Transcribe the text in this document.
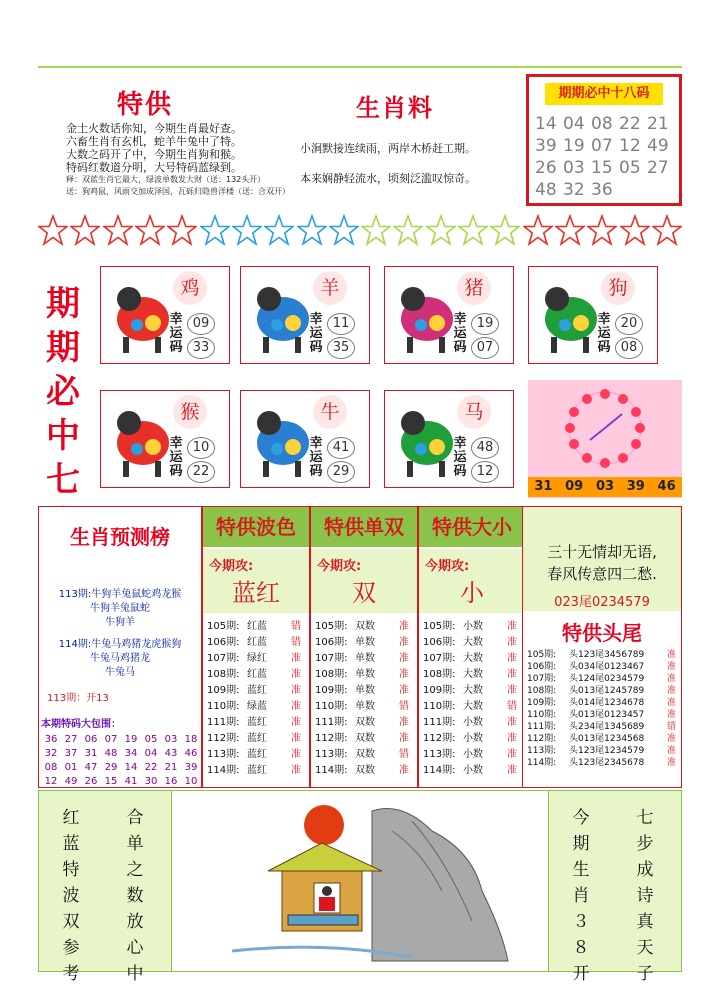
特供
金土火数话你知，今期生肖最好查。
六畜生肖有玄机，蛇羊牛兔中了特。
大数之码开了中，今期生肖狗和猴。
特码红数道分明，大号特码蓝绿到。
释：双蓝生肖它最大，绿波单数发大财（送：132头开）
送：狗鸡鼠，风雨交加成泽国，瓦砾归隐兽洋楼（送：合双开）
生肖料
小涧默接连续雨，两岸木桥赶工期。
本来娴静轻流水，顷刻泛滥叹惊奇。
期期必中十八码
14 04 08 22 21
39 19 07 12 49
26 03 15 05 27
48 32 36
期
期
必
中
七
鸡
幸
运
码
09
33
羊
幸
运
码
11
35
猪
幸
运
码
19
07
狗
幸
运
码
20
08
猴
幸
运
码
10
22
牛
幸
运
码
41
29
马
幸
运
码
48
12
31 09 03 39 46
生肖预测榜
113期:牛狗羊兔鼠蛇鸡龙猴
牛狗羊兔鼠蛇
牛狗羊
114期:牛兔马鸡猪龙虎猴狗
牛兔马鸡猪龙
牛兔马
113期：开13
本期特码大包围：
36 27 06 07 19 05 03 18
32 37 31 48 34 04 43 46
08 01 47 29 14 22 21 39
12 49 26 15 41 30 16 10
特供波色
今期攻:
蓝红
105期: 红蓝 错
106期: 红蓝 错
107期: 绿红 准
108期: 红蓝 准
109期: 蓝红 准
110期: 绿蓝 准
111期: 蓝红 准
112期: 蓝红 准
113期: 蓝红 准
114期: 蓝红 准
特供单双
今期攻:
双
105期: 双数 准
106期: 单数 准
107期: 单数 准
108期: 单数 准
109期: 单数 准
110期: 单数 错
111期: 双数 准
112期: 双数 准
113期: 双数 错
114期: 双数 准
特供大小
今期攻:
小
105期: 小数 准
106期: 大数 准
107期: 大数 准
108期: 大数 准
109期: 大数 准
110期: 大数 错
111期: 小数 准
112期: 小数 准
113期: 小数 准
114期: 小数 准
三十无情却无语,
春风传意四二愁.
023尾0234579
特供头尾
105期: 头123尾3456789	准
106期: 头034尾0123467	准
107期: 头124尾0234579	准
108期: 头013尾1245789	准
109期: 头014尾1234678	准
110期: 头013尾0123457	准
111期: 头234尾1345689	错
112期: 头013尾1234568	准
113期: 头123尾1234579	准
114期: 头123尾2345678	准
红
蓝
特
波
双
参
考
合
单
之
数
放
心
中
今
期
生
肖
３
８
开
七
步
成
诗
真
天
子
